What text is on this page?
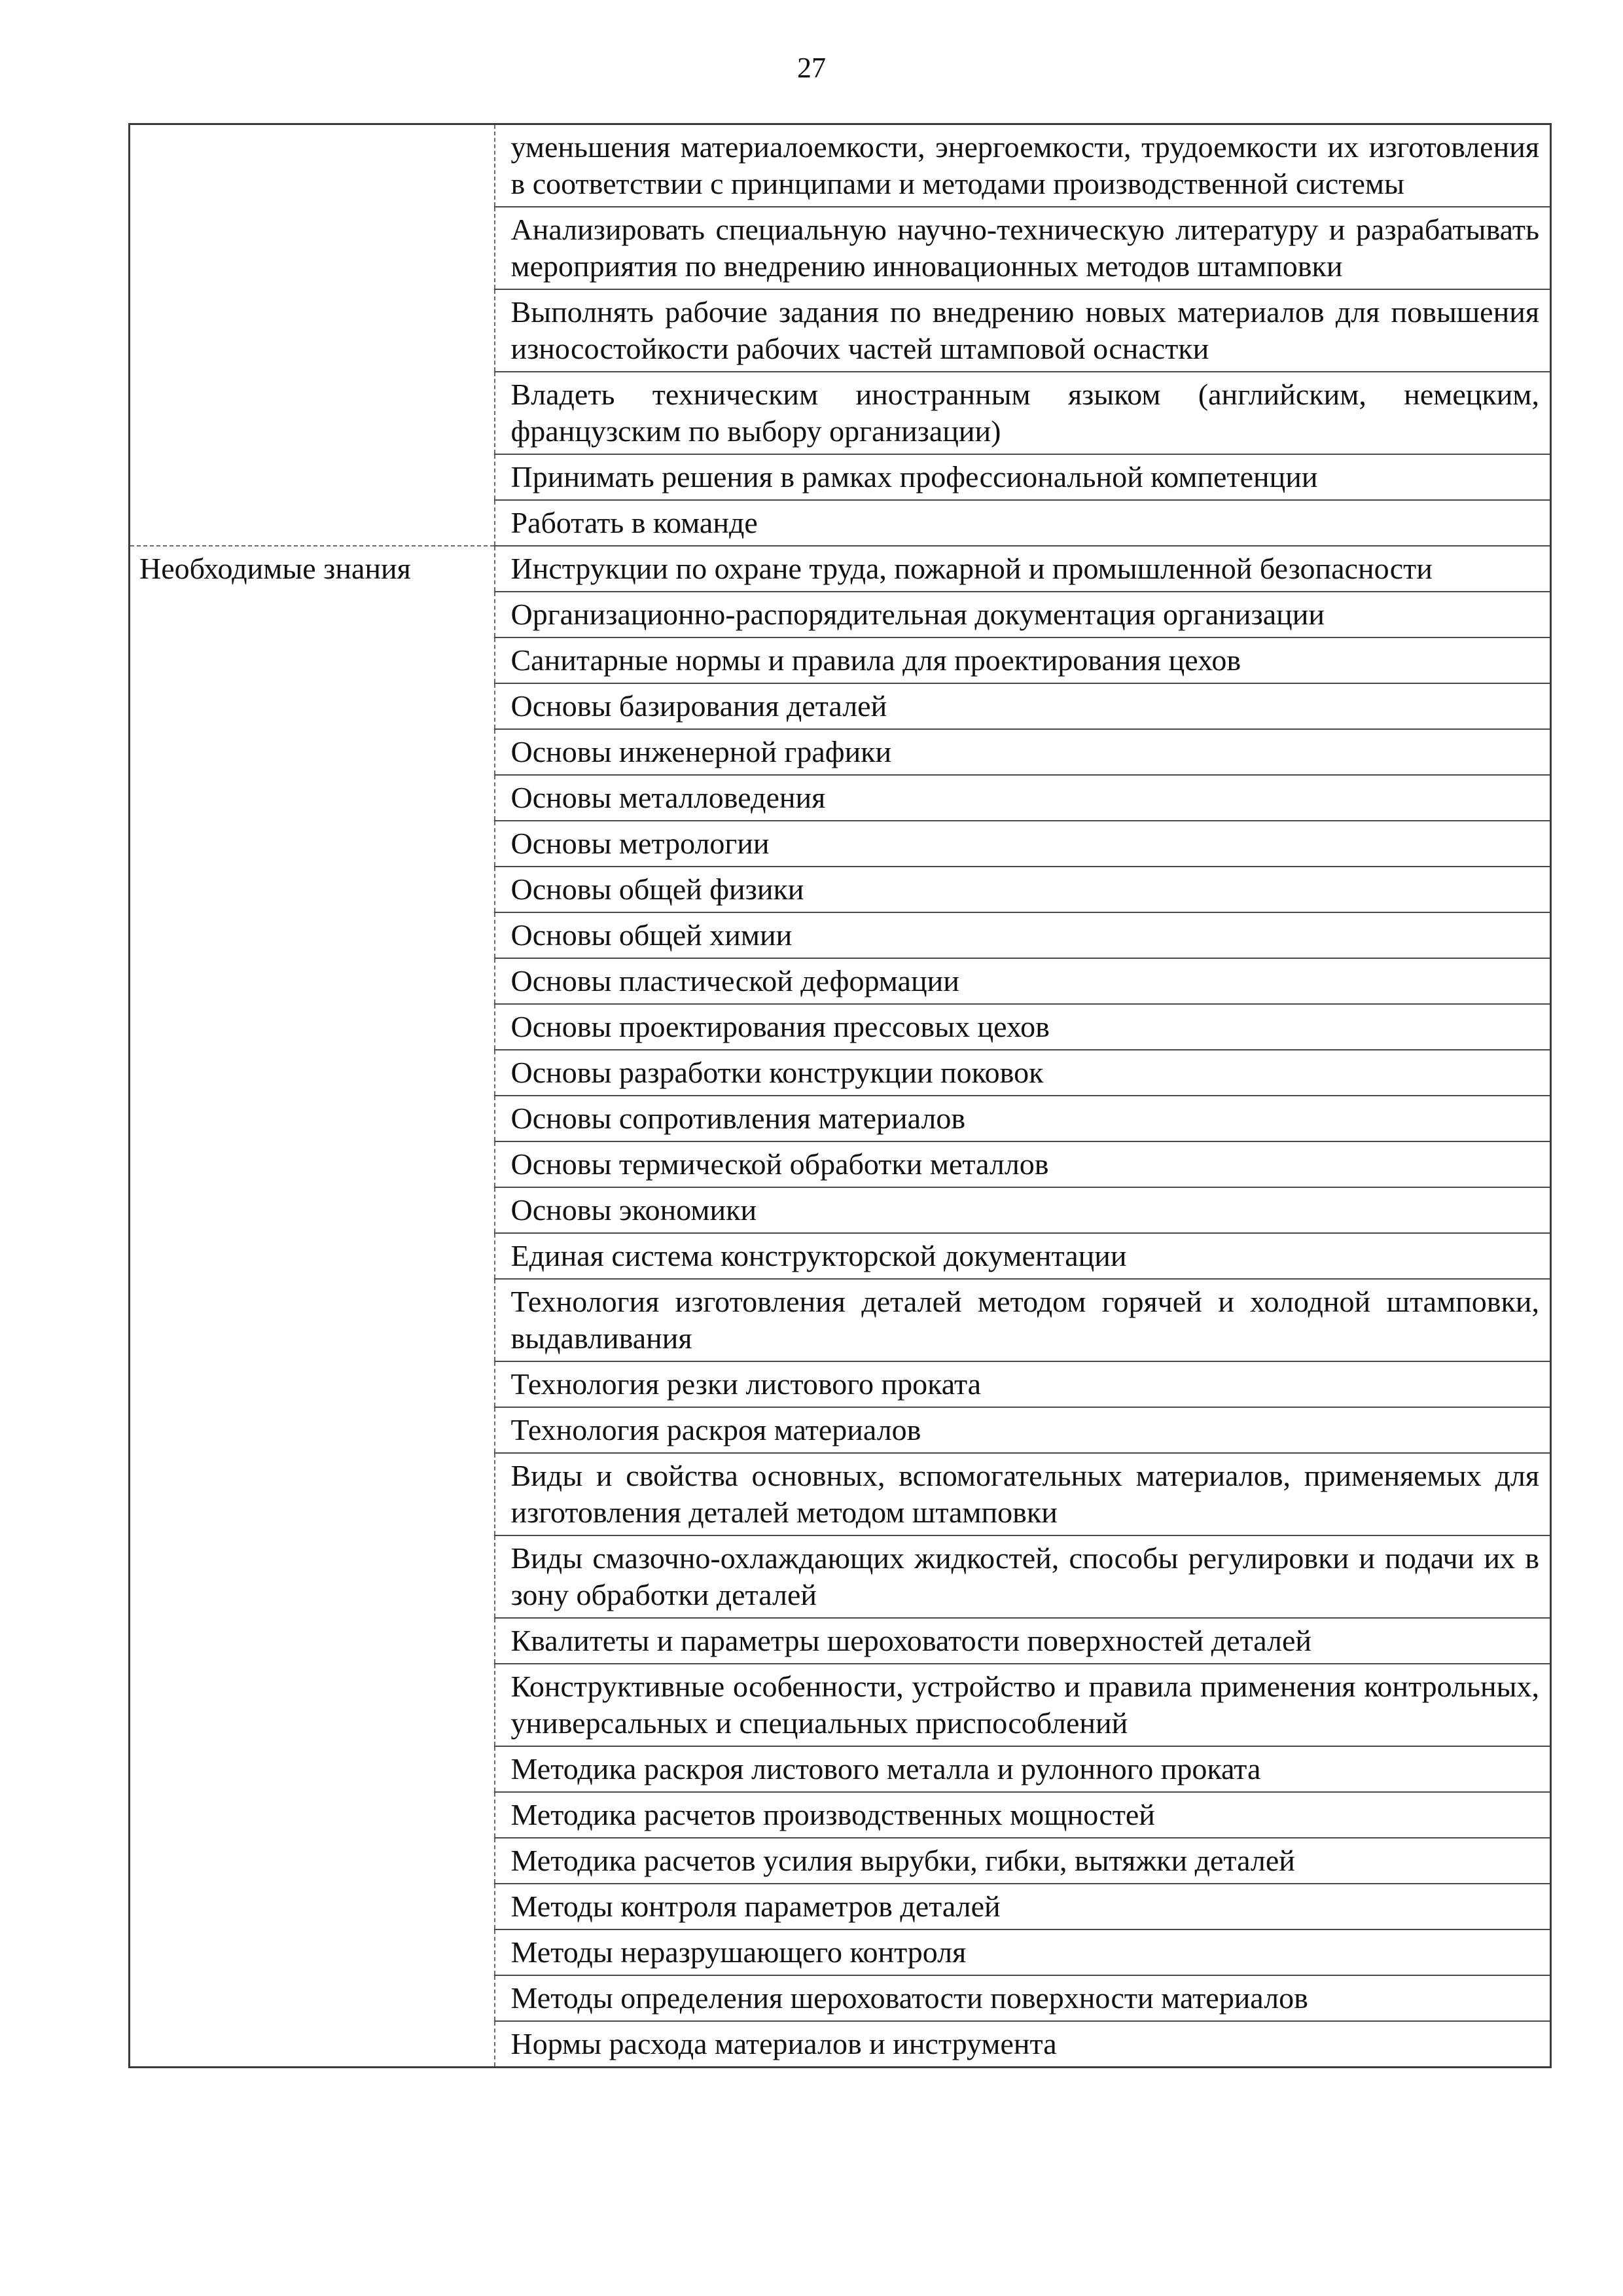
27
	уменьшения материалоемкости, энергоемкости, трудоемкости их изготовления в соответствии с принципами и методами производственной системы
	Анализировать специальную научно-техническую литературу и разрабатывать мероприятия по внедрению инновационных методов штамповки
	Выполнять рабочие задания по внедрению новых материалов для повышения износостойкости рабочих частей штамповой оснастки
	Владеть техническим иностранным языком (английским, немецким, французским по выбору организации)
	Принимать решения в рамках профессиональной компетенции
	Работать в команде
Необходимые знания	Инструкции по охране труда, пожарной и промышленной безопасности
	Организационно-распорядительная документация организации
	Санитарные нормы и правила для проектирования цехов
	Основы базирования деталей
	Основы инженерной графики
	Основы металловедения
	Основы метрологии
	Основы общей физики
	Основы общей химии
	Основы пластической деформации
	Основы проектирования прессовых цехов
	Основы разработки конструкции поковок
	Основы сопротивления материалов
	Основы термической обработки металлов
	Основы экономики
	Единая система конструкторской документации
	Технология изготовления деталей методом горячей и холодной штамповки, выдавливания
	Технология резки листового проката
	Технология раскроя материалов
	Виды и свойства основных, вспомогательных материалов, применяемых для изготовления деталей методом штамповки
	Виды смазочно-охлаждающих жидкостей, способы регулировки и подачи их в зону обработки деталей
	Квалитеты и параметры шероховатости поверхностей деталей
	Конструктивные особенности, устройство и правила применения контрольных, универсальных и специальных приспособлений
	Методика раскроя листового металла и рулонного проката
	Методика расчетов производственных мощностей
	Методика расчетов усилия вырубки, гибки, вытяжки деталей
	Методы контроля параметров деталей
	Методы неразрушающего контроля
	Методы определения шероховатости поверхности материалов
	Нормы расхода материалов и инструмента
